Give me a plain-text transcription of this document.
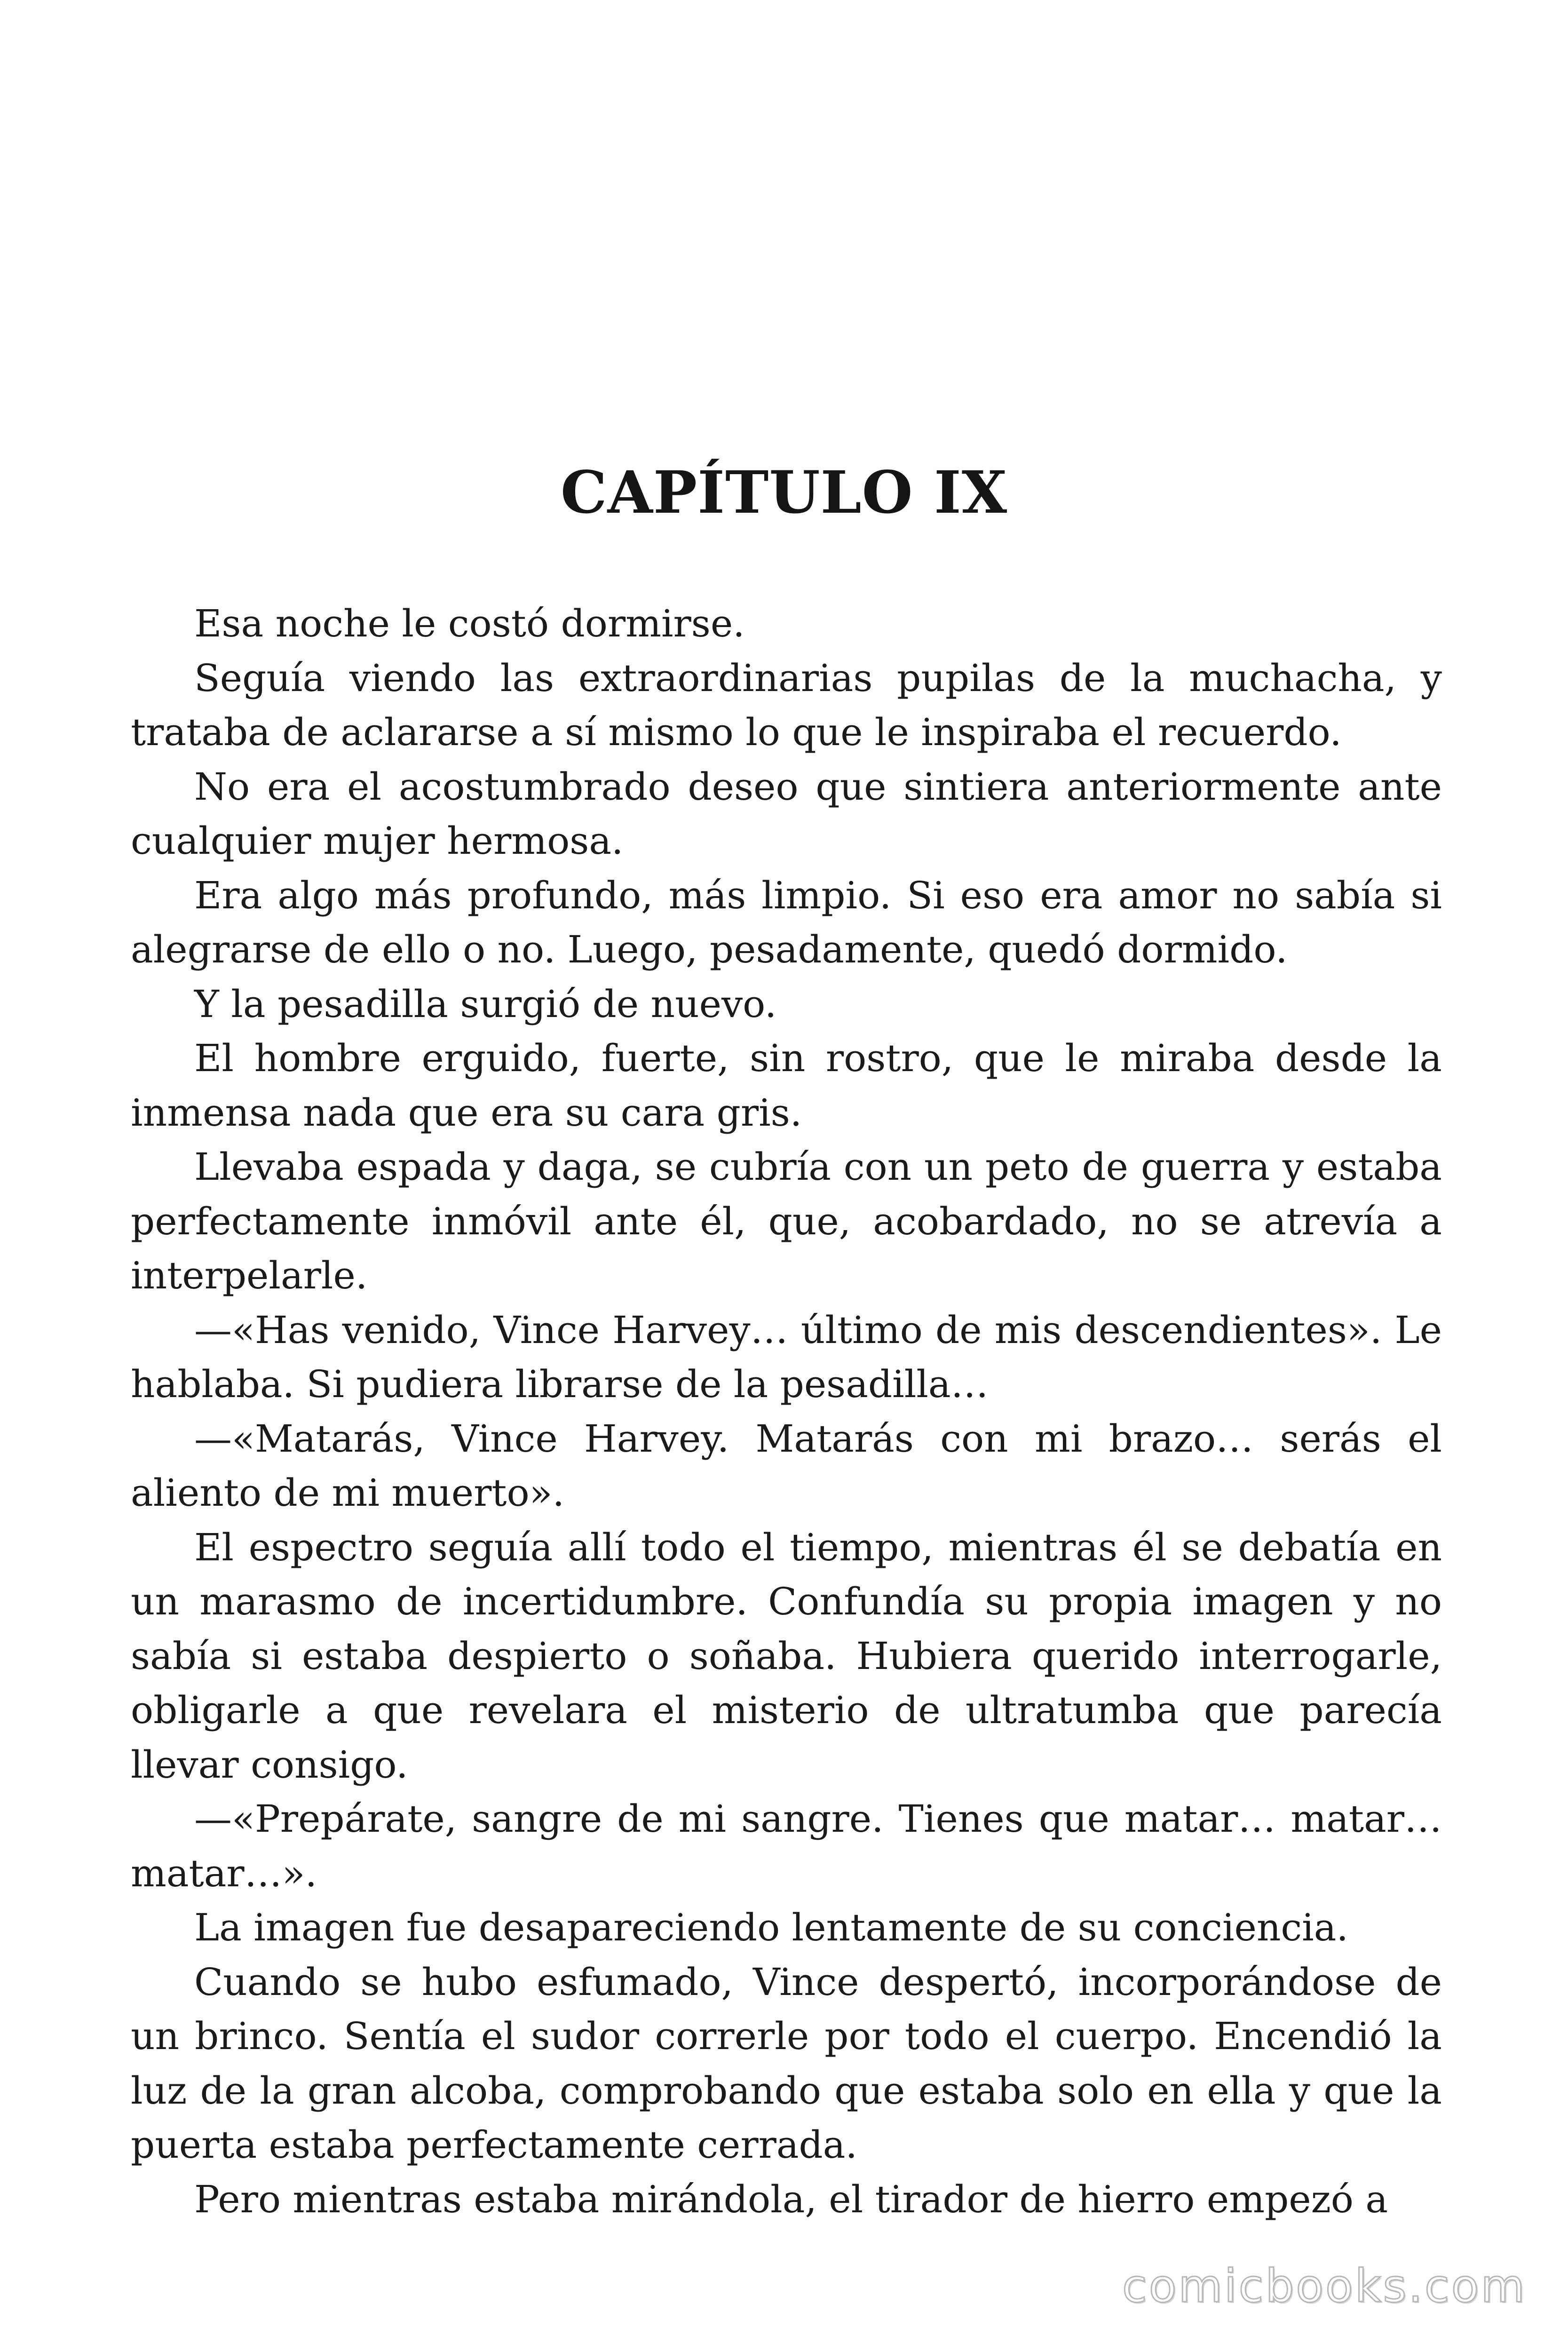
CAPÍTULO IX

Esa noche le costó dormirse.

Seguía viendo las extraordinarias pupilas de la muchacha, y trataba de aclararse a sí mismo lo que le inspiraba el recuerdo.

No era el acostumbrado deseo que sintiera anteriormente ante cualquier mujer hermosa.

Era algo más profundo, más limpio. Si eso era amor no sabía si alegrarse de ello o no. Luego, pesadamente, quedó dormido.

Y la pesadilla surgió de nuevo.

El hombre erguido, fuerte, sin rostro, que le miraba desde la inmensa nada que era su cara gris.

Llevaba espada y daga, se cubría con un peto de guerra y estaba perfectamente inmóvil ante él, que, acobardado, no se atrevía a interpelarle.

—«Has venido, Vince Harvey… último de mis descendientes». Le hablaba. Si pudiera librarse de la pesadilla…

—«Matarás, Vince Harvey. Matarás con mi brazo… serás el aliento de mi muerto».

El espectro seguía allí todo el tiempo, mientras él se debatía en un marasmo de incertidumbre. Confundía su propia imagen y no sabía si estaba despierto o soñaba. Hubiera querido interrogarle, obligarle a que revelara el misterio de ultratumba que parecía llevar consigo.

—«Prepárate, sangre de mi sangre. Tienes que matar… matar… matar…».

La imagen fue desapareciendo lentamente de su conciencia.

Cuando se hubo esfumado, Vince despertó, incorporándose de un brinco. Sentía el sudor correrle por todo el cuerpo. Encendió la luz de la gran alcoba, comprobando que estaba solo en ella y que la puerta estaba perfectamente cerrada.

Pero mientras estaba mirándola, el tirador de hierro empezó a

comicbooks.com
